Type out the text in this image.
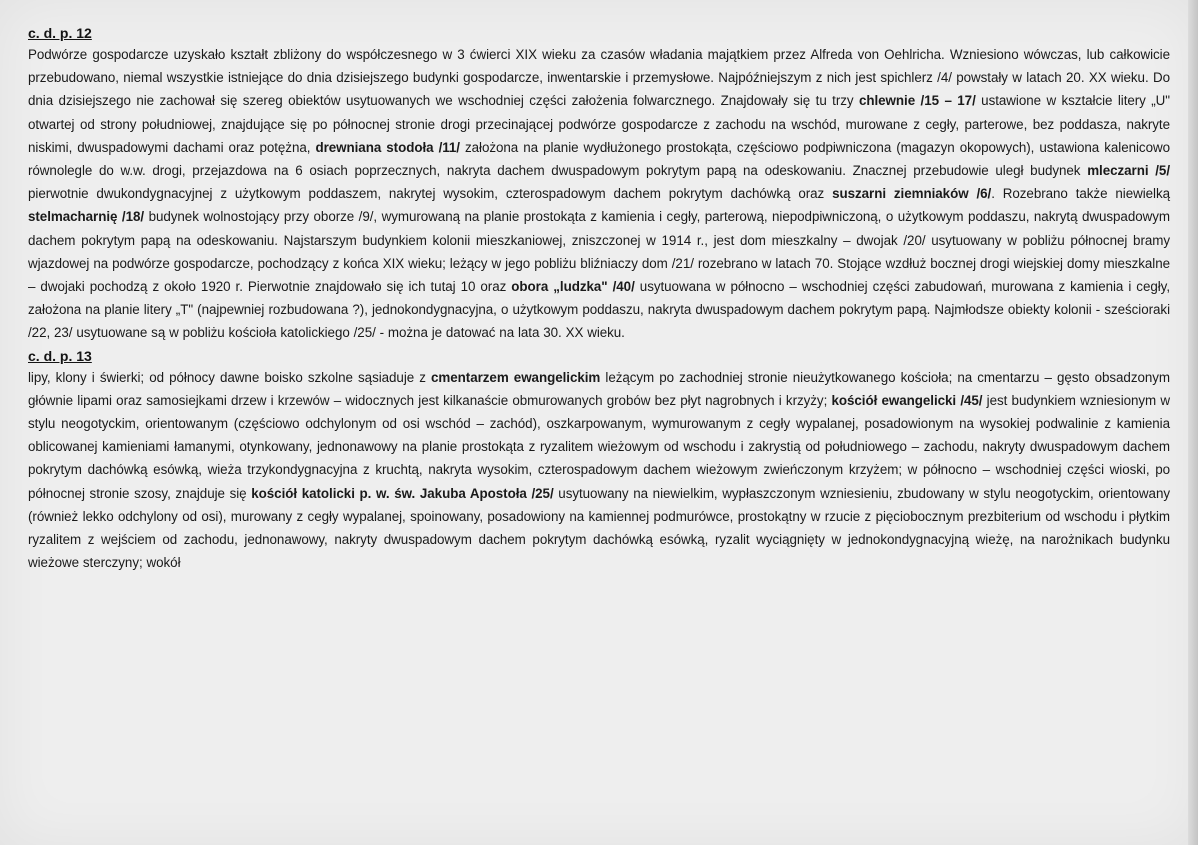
c. d. p. 12

Podwórze gospodarcze uzyskało kształt zbliżony do współczesnego w 3 ćwierci XIX wieku za czasów władania majątkiem przez Alfreda von Oehlricha. Wzniesiono wówczas, lub całkowicie przebudowano, niemal wszystkie istniejące do dnia dzisiejszego budynki gospodarcze, inwentarskie i przemysłowe. Najpóźniejszym z nich jest spichlerz /4/ powstały w latach 20. XX wieku. Do dnia dzisiejszego nie zachował się szereg obiektów usytuowanych we wschodniej części założenia folwarcznego. Znajdowały się tu trzy chlewnie /15 – 17/ ustawione w kształcie litery „U" otwartej od strony południowej, znajdujące się po północnej stronie drogi przecinającej podwórze gospodarcze z zachodu na wschód, murowane z cegły, parterowe, bez poddasza, nakryte niskimi, dwuspadowymi dachami oraz potężna, drewniana stodoła /11/ założona na planie wydłużonego prostokąta, częściowo podpiwniczona (magazyn okopowych), ustawiona kalenicowo równolegle do w.w. drogi, przejazdowa na 6 osiach poprzecznych, nakryta dachem dwuspadowym pokrytym papą na odeskowaniu. Znacznej przebudowie uległ budynek mleczarni /5/ pierwotnie dwukondygnacyjnej z użytkowym poddaszem, nakrytej wysokim, czterospadowym dachem pokrytym dachówką oraz suszarni ziemniaków /6/. Rozebrano także niewielką stelmacharnię /18/ budynek wolnostojący przy oborze /9/, wymurowaną na planie prostokąta z kamienia i cegły, parterową, niepodpiwniczoną, o użytkowym poddaszu, nakrytą dwuspadowym dachem pokrytym papą na odeskowaniu. Najstarszym budynkiem kolonii mieszkaniowej, zniszczonej w 1914 r., jest dom mieszkalny – dwojak /20/ usytuowany w pobliżu północnej bramy wjazdowej na podwórze gospodarcze, pochodzący z końca XIX wieku; leżący w jego pobliżu bliźniaczy dom /21/ rozebrano w latach 70. Stojące wzdłuż bocznej drogi wiejskiej domy mieszkalne – dwojaki pochodzą z około 1920 r. Pierwotnie znajdowało się ich tutaj 10 oraz obora „ludzka" /40/ usytuowana w północno – wschodniej części zabudowań, murowana z kamienia i cegły, założona na planie litery „T" (najpewniej rozbudowana ?), jednokondygnacyjna, o użytkowym poddaszu, nakryta dwuspadowym dachem pokrytym papą. Najmłodsze obiekty kolonii - sześcioraki /22, 23/ usytuowane są w pobliżu kościoła katolickiego /25/ - można je datować na lata 30. XX wieku.

c. d. p. 13

lipy, klony i świerki; od północy dawne boisko szkolne sąsiaduje z cmentarzem ewangelickim leżącym po zachodniej stronie nieużytkowanego kościoła; na cmentarzu – gęsto obsadzonym głównie lipami oraz samosiejkami drzew i krzewów – widocznych jest kilkanaście obmurowanych grobów bez płyt nagrobnych i krzyży; kościół ewangelicki /45/ jest budynkiem wzniesionym w stylu neogotyckim, orientowanym (częściowo odchylonym od osi wschód – zachód), oszkarpowanym, wymurowanym z cegły wypalanej, posadowionym na wysokiej podwalinie z kamienia oblicowanej kamieniami łamanymi, otynkowany, jednonawowy na planie prostokąta z ryzalitem wieżowym od wschodu i zakrystią od południowego – zachodu, nakryty dwuspadowym dachem pokrytym dachówką esówką, wieża trzykondygnacyjna z kruchtą, nakryta wysokim, czterospadowym dachem wieżowym zwieńczonym krzyżem; w północno – wschodniej części wioski, po północnej stronie szosy, znajduje się kościół katolicki p. w. św. Jakuba Apostoła /25/ usytuowany na niewielkim, wypłaszczonym wzniesieniu, zbudowany w stylu neogotyckim, orientowany (również lekko odchylony od osi), murowany z cegły wypalanej, spoinowany, posadowiony na kamiennej podmurówce, prostokątny w rzucie z pięciobocznym prezbiterium od wschodu i płytkim ryzalitem z wejściem od zachodu, jednonawowy, nakryty dwuspadowym dachem pokrytym dachówką esówką, ryzalit wyciągnięty w jednokondygnacyjną wieżę, na narożnikach budynku wieżowe sterczyny; wokół
